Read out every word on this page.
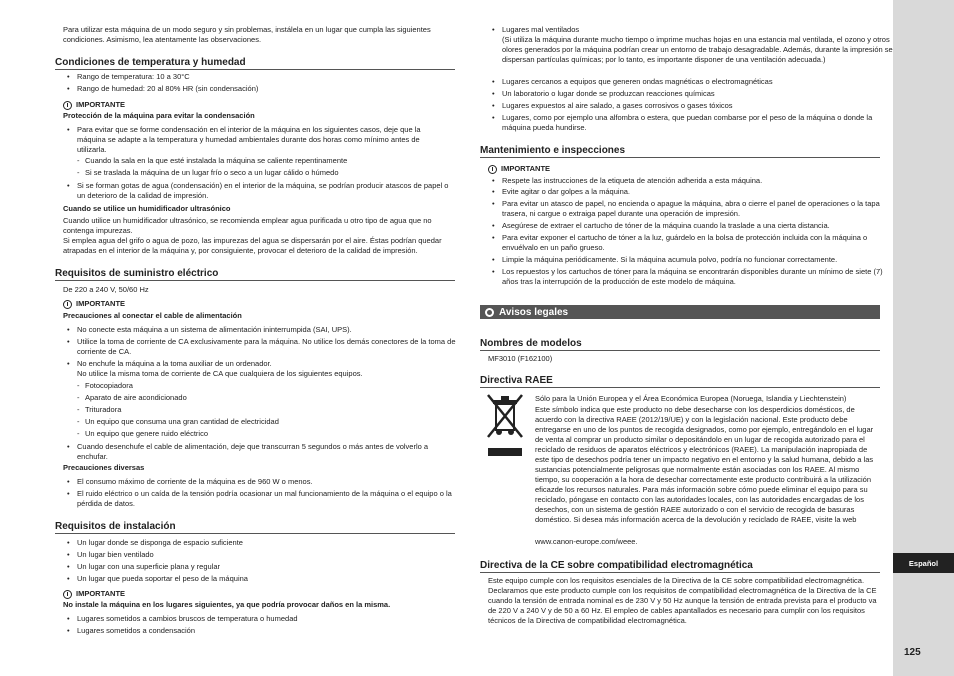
Para utilizar esta máquina de un modo seguro y sin problemas, instálela en un lugar que cumpla las siguientes condiciones. Asimismo, lea atentamente las observaciones.

Condiciones de temperatura y humedad

• Rango de temperatura: 10 a 30°C

• Rango de humedad: 20 al 80% HR (sin condensación)

IMPORTANTE

Protección de la máquina para evitar la condensación

• Para evitar que se forme condensación en el interior de la máquina en los siguientes casos, deje que la máquina se adapte a la temperatura y humedad ambientales durante dos horas como mínimo antes de utilizarla.

- Cuando la sala en la que esté instalada la máquina se caliente repentinamente

- Si se traslada la máquina de un lugar frío o seco a un lugar cálido o húmedo

• Si se forman gotas de agua (condensación) en el interior de la máquina, se podrían producir atascos de papel o un deterioro de la calidad de impresión.

Cuando se utilice un humidificador ultrasónico

Cuando utilice un humidificador ultrasónico, se recomienda emplear agua purificada u otro tipo de agua que no contenga impurezas.
Si emplea agua del grifo o agua de pozo, las impurezas del agua se dispersarán por el aire. Éstas podrían quedar atrapadas en el interior de la máquina y, por consiguiente, provocar el deterioro de la calidad de impresión.

Requisitos de suministro eléctrico

De 220 a 240 V, 50/60 Hz

IMPORTANTE

Precauciones al conectar el cable de alimentación

• No conecte esta máquina a un sistema de alimentación ininterrumpida (SAI, UPS).

• Utilice la toma de corriente de CA exclusivamente para la máquina. No utilice los demás conectores de la toma de corriente de CA.

• No enchufe la máquina a la toma auxiliar de un ordenador.
No utilice la misma toma de corriente de CA que cualquiera de los siguientes equipos.

- Fotocopiadora

- Aparato de aire acondicionado

- Trituradora

- Un equipo que consuma una gran cantidad de electricidad

- Un equipo que genere ruido eléctrico

• Cuando desenchufe el cable de alimentación, deje que transcurran 5 segundos o más antes de volverlo a enchufar.

Precauciones diversas

• El consumo máximo de corriente de la máquina es de 960 W o menos.

• El ruido eléctrico o un caída de la tensión podría ocasionar un mal funcionamiento de la máquina o el equipo o la pérdida de datos.

Requisitos de instalación

• Un lugar donde se disponga de espacio suficiente

• Un lugar bien ventilado

• Un lugar con una superficie plana y regular

• Un lugar que pueda soportar el peso de la máquina

IMPORTANTE

No instale la máquina en los lugares siguientes, ya que podría provocar daños en la misma.

• Lugares sometidos a cambios bruscos de temperatura o humedad

• Lugares sometidos a condensación

• Lugares mal ventilados
(Si utiliza la máquina durante mucho tiempo o imprime muchas hojas en una estancia mal ventilada, el ozono y otros olores generados por la máquina podrían crear un entorno de trabajo desagradable. Además, durante la impresión se dispersan partículas químicas; por lo tanto, es importante disponer de una ventilación adecuada.)

• Lugares cercanos a equipos que generen ondas magnéticas o electromagnéticas

• Un laboratorio o lugar donde se produzcan reacciones químicas

• Lugares expuestos al aire salado, a gases corrosivos o gases tóxicos

• Lugares, como por ejemplo una alfombra o estera, que puedan combarse por el peso de la máquina o donde la máquina pueda hundirse.

Mantenimiento e inspecciones
IMPORTANTE

• Respete las instrucciones de la etiqueta de atención adherida a esta máquina.

• Evite agitar o dar golpes a la máquina.

• Para evitar un atasco de papel, no encienda o apague la máquina, abra o cierre el panel de operaciones o la tapa trasera, ni cargue o extraiga papel durante una operación de impresión.

• Asegúrese de extraer el cartucho de tóner de la máquina cuando la traslade a una cierta distancia.

• Para evitar exponer el cartucho de tóner a la luz, guárdelo en la bolsa de protección incluida con la máquina o envuélvalo en un paño grueso.

• Limpie la máquina periódicamente. Si la máquina acumula polvo, podría no funcionar correctamente.

• Los repuestos y los cartuchos de tóner para la máquina se encontrarán disponibles durante un mínimo de siete (7) años tras la interrupción de la producción de este modelo de máquina.

Nombres de modelos

MF3010 (F162100)

Directiva RAEE

Sólo para la Unión Europea y el Área Económica Europea (Noruega, Islandia y Liechtenstein)

Este símbolo indica que este producto no debe desecharse con los desperdicios domésticos, de acuerdo con la directiva RAEE (2012/19/UE) y con la legislación nacional. Este producto debe entregarse en uno de los puntos de recogida designados, como por ejemplo, entregándolo en el lugar de venta al comprar un producto similar o depositándolo en un lugar de recogida autorizado para el reciclado de residuos de aparatos eléctricos y electrónicos (RAEE). La manipulación inapropiada de este tipo de desechos podría tener un impacto negativo en el entorno y la salud humana, debido a las sustancias potencialmente peligrosas que normalmente están asociadas con los RAEE. Al mismo tiempo, su cooperación a la hora de desechar correctamente este producto contribuirá a la utilización eficazde los recursos naturales. Para más información sobre cómo puede eliminar el equipo para su reciclado, póngase en contacto con las autoridades locales, con las autoridades encargadas de los desechos, con un sistema de gestión RAEE autorizado o con el servicio de recogida de basuras doméstico. Si desea más información acerca de la devolución y reciclado de RAEE, visite la web

www.canon-europe.com/weee.

Directiva de la CE sobre compatibilidad electromagnética

Este equipo cumple con los requisitos esenciales de la Directiva de la CE sobre compatibilidad electromagnética. Declaramos que este producto cumple con los requisitos de compatibilidad electromagnética de la Directiva de la CE cuando la tensión de entrada nominal es de 230 V y 50 Hz aunque la tensión de entrada prevista para el producto va de 220 V a 240 V y de 50 a 60 Hz. El empleo de cables apantallados es necesario para cumplir con los requisitos técnicos de la Directiva de compatibilidad electromagnética.

Avisos legales
Español
125
